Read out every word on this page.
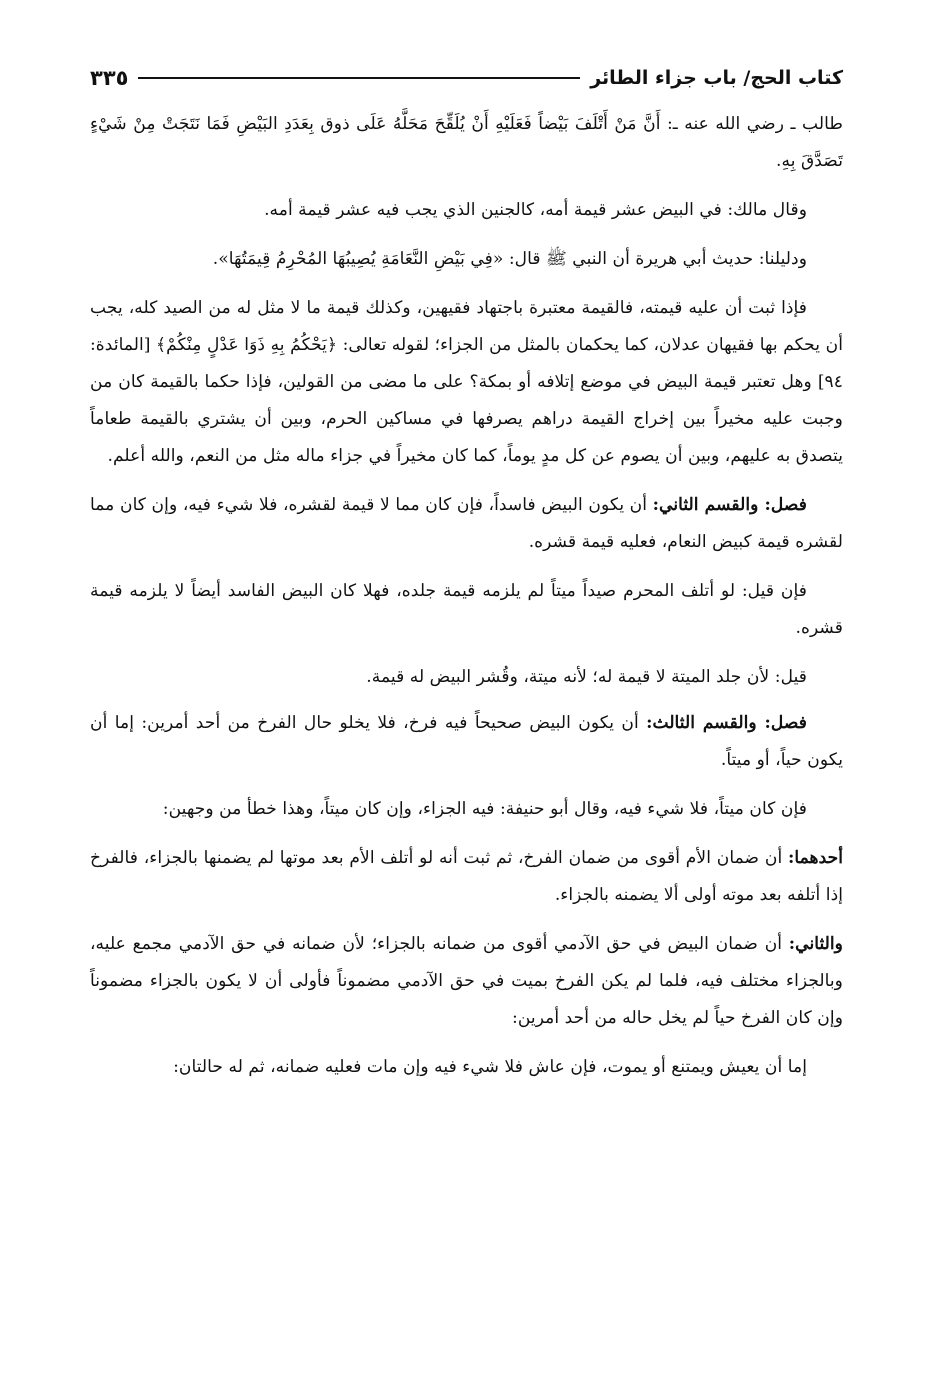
كتاب الحج/ باب جزاء الطائر
٣٣٥

طالب ـ رضي الله عنه ـ: أَنَّ مَنْ أَتْلَفَ بَيْضاً فَعَلَيْهِ أَنْ يُلَقِّحَ مَحَلَّهُ عَلَى ذوق بِعَدَدِ البَيْضِ فَمَا نَتَجَتْ مِنْ شَيْءٍ تَصَدَّقَ بِهِ.

وقال مالك: في البيض عشر قيمة أمه، كالجنين الذي يجب فيه عشر قيمة أمه.

ودليلنا: حديث أبي هريرة أن النبي ﷺ قال: «فِي بَيْضِ النَّعَامَةِ يُصِيبُهَا المُحْرِمُ قِيمَتُهَا».

فإذا ثبت أن عليه قيمته، فالقيمة معتبرة باجتهاد فقيهين، وكذلك قيمة ما لا مثل له من الصيد كله، يجب أن يحكم بها فقيهان عدلان، كما يحكمان بالمثل من الجزاء؛ لقوله تعالى: ﴿يَحْكُمُ بِهِ ذَوَا عَدْلٍ مِنْكُمْ﴾ [المائدة: ٩٤] وهل تعتبر قيمة البيض في موضع إتلافه أو بمكة؟ على ما مضى من القولين، فإذا حكما بالقيمة كان من وجبت عليه مخيراً بين إخراج القيمة دراهم يصرفها في مساكين الحرم، وبين أن يشتري بالقيمة طعاماً يتصدق به عليهم، وبين أن يصوم عن كل مدٍ يوماً، كما كان مخيراً في جزاء ماله مثل من النعم، والله أعلم.

فصل: والقسم الثاني: أن يكون البيض فاسداً، فإن كان مما لا قيمة لقشره، فلا شيء فيه، وإن كان مما لقشره قيمة كبيض النعام، فعليه قيمة قشره.

فإن قيل: لو أتلف المحرم صيداً ميتاً لم يلزمه قيمة جلده، فهلا كان البيض الفاسد أيضاً لا يلزمه قيمة قشره.

قيل: لأن جلد الميتة لا قيمة له؛ لأنه ميتة، وقُشر البيض له قيمة.

فصل: والقسم الثالث: أن يكون البيض صحيحاً فيه فرخ، فلا يخلو حال الفرخ من أحد أمرين: إما أن يكون حياً، أو ميتاً.

فإن كان ميتاً، فلا شيء فيه، وقال أبو حنيفة: فيه الجزاء، وإن كان ميتاً، وهذا خطأ من وجهين:

أحدهما: أن ضمان الأم أقوى من ضمان الفرخ، ثم ثبت أنه لو أتلف الأم بعد موتها لم يضمنها بالجزاء، فالفرخ إذا أتلفه بعد موته أولى ألا يضمنه بالجزاء.

والثاني: أن ضمان البيض في حق الآدمي أقوى من ضمانه بالجزاء؛ لأن ضمانه في حق الآدمي مجمع عليه، وبالجزاء مختلف فيه، فلما لم يكن الفرخ بميت في حق الآدمي مضموناً فأولى أن لا يكون بالجزاء مضموناً وإن كان الفرخ حياً لم يخل حاله من أحد أمرين:

إما أن يعيش ويمتنع أو يموت، فإن عاش فلا شيء فيه وإن مات فعليه ضمانه، ثم له حالتان:
